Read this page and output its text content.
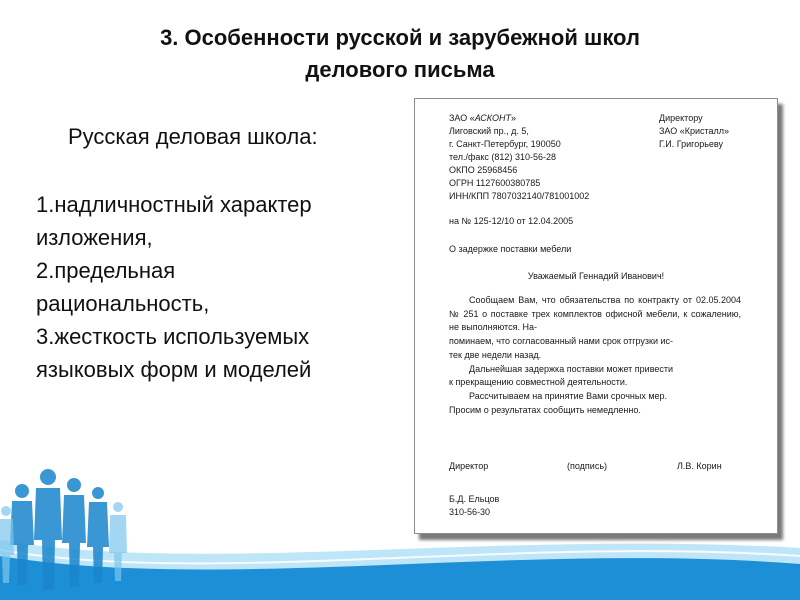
3. Особенности русской и зарубежной школ
делового письма
Русская деловая школа:
1.надличностный характер
изложения,
2.предельная
рациональность,
3.жесткость используемых
языковых форм и моделей
ЗАО «АСКОНТ»
Лиговский пр., д. 5,
г. Санкт-Петербург, 190050
тел./факс (812) 310-56-28
ОКПО 25968456
ОГРН 1127600380785
ИНН/КПП 7807032140/781001002
Директору
ЗАО «Кристалл»
Г.И. Григорьеву
на № 125-12/10 от 12.04.2005
О задержке поставки мебели
Уважаемый Геннадий Иванович!

Сообщаем Вам, что обязательства по контракту от 02.05.2004 № 251 о поставке трех комплектов офисной мебели, к сожалению, не выполняются. На-

поминаем, что согласованный нами срок отгрузки ис-

тек две недели назад.

Дальнейшая задержка поставки может привести

к прекращению совместной деятельности.

Рассчитываем на принятие Вами срочных мер.

Просим о результатах сообщить немедленно.

Директор	(подпись)	Л.В. Корин
Б.Д. Ельцов
310-56-30
